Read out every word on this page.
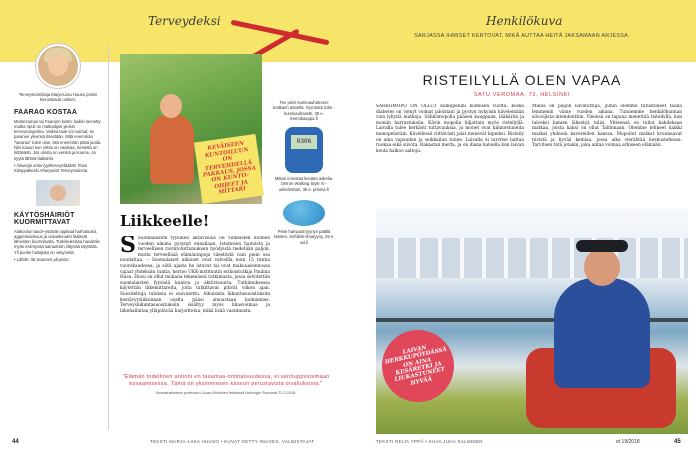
Terveydeksi
Terveystoimittaja Marja-Liisa Huuso poimii kinnostavat uutiset.
FAARAO KOSTAA
Montezuman tai Faaraon kosto: kaikki tunnetty matka ripuli on matkailijan yleisin terveysongelma. Vaikka tauti voi voimat, se paranee yleensä itsestään. Mitä enemmän "tavaraa" tulee ulos, sitä enemmän pitää juoda. Niin kauan kun virtsa on vaaleaa, nestettä on riittävästi. Jos ulosta on verisiä ja kuume, on syytä lähteä lääkäriin.
• Neuvoja antoi lyyliterveyslääkäri Toivo Kiimppäkoski Ahonpuisti Terveystalosta.
KÄYTÖSHÄIRIÖT KUORMITTAVAT
Alakoulun taudi–ystävät oppilaat harhaluulot, aggressiivisuus ja univaikeudet lisäävät läheisten kuormitusta. Tutkimuksissa havaittiin myös esiintyvää sairauksiin liittyvää käytöstä. Yli puolet hoitajista on väsyneitä.
• Lähde: Itä-Suomen yliopisto
KEVÄISEEN KUNTOILUUN ON TERVEHDELLÄ PAKKAUS, JOSSA ON KUNTO-OHJEET JA MITTARI
Tee pieni kuminauhatreeni kotikarin äänellä. Gymstick tube -kuminauhasetti, 35 e. treenikauppa.fi
0306
Mittari innostaa kevään askelia. Omron Walking Style IV -askelmittari, 35 e. prisma.fi
Pese hampaat tyynyn päällä seisten. Softdisk-ilmatyyny, 29 e. xxl.fi
Liikkeelle!
S Suomalaisten fyysinen aktiivisuus on viimeisten kolmen vuoden aikana pysynyt ennallaan. Istumisen haitoista ja terveellisen ravintotottumuksen hyödyistä tiedetään paljon, mutta terveellisiä elämäntapoja väestöstä vain pieni osa noudattaa. – Suomalaiset aikuiset ovat valveilla noin 15 tuntia vuorokaudessa, ja siitä ajasta he istuvat tai ovat makuuasennossa vajaat yhdeksän tuntia, kertoo UKK-instituutin erikoistutkija Paulina Husu. Husu on ollut mukana tekemässä tutkimusta, jossa selvitettiin suomalaisten fyysistä kuntoa ja aktiivisuutta. Tutkimuksessa käytettiin liikemittareita, joita tutkittavat pitivät viikon ajan. Suositeltuja tuloksia ei saavutettu. Aikuisista liikuntasuosituksiin kestävyysliikunnan osalta pääsi ainoastaan kolmannes. Terveysliikuntasuosituksiin sisältyy myös lihasvoimaa ja liikehallintaa ylläpitävää harjoittelua, mikä lisää vaatimusta.
"Elämän todellinen antioni en tasamaa-ominaisuudessa, ei senhuppuvoimaan kuvaamisessa. Tämä on yksinmiesen kasvun perustavista oivalluksista."
Kasvatustieteen professori Juuso Kiiskinen lehdessä Helsingin Sanomat 22.3.2018.
44	TEKSTI MARJA-LIISA HUUSO • KUVAT GETTY IMAGES, VALMISTAJAT
Henkilökuva
SARJASSA IHMISET KERTOVAT, MIKÄ AUTTAA HEITÄ JAKSAMAAN ARJESSA.
RISTEILYLLÄ OLEN VAPAA
SATU VEROMAA, 73, HELSINKI
SÄHKÖMOPO ON OLLUT kulkupeliini kolmisen vuotta, koska diabetes on vienyt voimat jaloistani ja pystyn nykyisin kävelemään vain lyhyitä matkoja. Sähkömopolla pääsen kauppaan, lääkäriin ja moniin harrastuksiin. Kävin mopolla hiljattain myös risteilyllä. Laivalla tulee herkästi tuttavuuksia, ja monet ovat kiinnostuneita menopelistäni. Kävellessä riittävästi jalat menevät kipeiksi. Risteily on aina vapauden ja seikkailun tunne. Laivalla ei tarvitse laittaa ruokaa eikä siivota. Rakastan merta, ja on ihana katsella kun laivan keula halkoo aaltoja.
Mieliä on paljon laivatuttuja, joihin olemme tutustuneet täällä lemmenin viime vuoden aikana. Tunnemme henkilökunnan siivoojista intendenttiin. Yleensä on tapana menettää risteilyllä, kun talveksi lumien lähestyä tulisi. Yhteensä on tullut kahdeksan matkaa, joista kaksi on ollut Tallinnaan. Olemme tehneet kaikki matkat yhdessä kavereiden kanssa. Mopoilut matkat kruunaavat tiivistä ja hyvää kemiaa, jossa aika vierähtää keskustellessa. Tarvitsen tätä jotakin, joka antaa voimaa arkiseen elämään.
LAIVAN HERKKUPÖYDÄSSÄ ON AINA KESÄRETKI JA LIUKASTUNEET HYVÄÄ
TEKSTI REIJA YPPÄ • KUVA JUHA SALMINEN	et 19/2018	45
